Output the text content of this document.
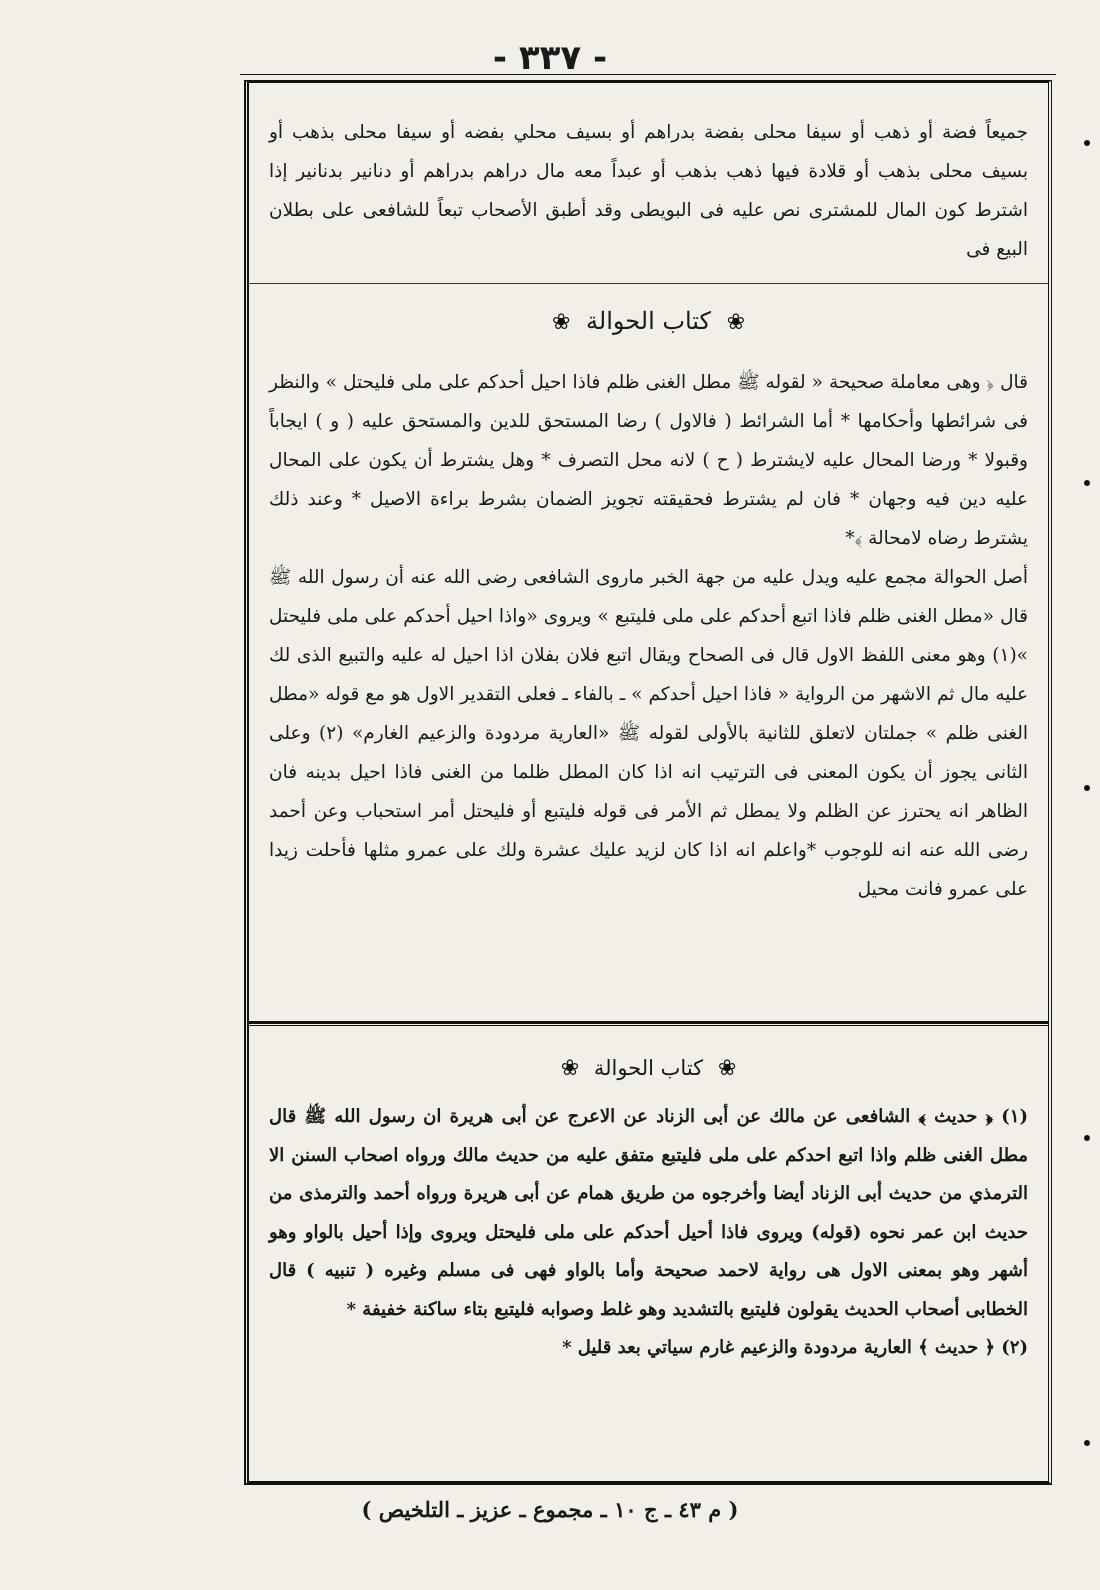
- ٣٣٧ -

جميعاً فضة أو ذهب أو سيفا محلى بفضة بدراهم أو بسيف محلي بفضه أو سيفا محلى بذهب أو بسيف محلى بذهب أو قلادة فيها ذهب بذهب أو عبداً معه مال دراهم بدراهم أو دنانير بدنانير إذا اشترط كون المال للمشترى نص عليه فى البويطى وقد أطبق الأصحاب تبعاً للشافعى على بطلان البيع فى

❀ كتاب الحوالة ❀

قال ﴿ وهى معاملة صحيحة « لقوله ﷺ مطل الغنى ظلم فاذا احيل أحدكم على ملى فليحتل » والنظر فى شرائطها وأحكامها * أما الشرائط ( فالاول ) رضا المستحق للدين والمستحق عليه ( و ) ايجاباً وقبولا * ورضا المحال عليه لايشترط ( ح ) لانه محل التصرف * وهل يشترط أن يكون على المحال عليه دين فيه وجهان * فان لم يشترط فحقيقته تجويز الضمان بشرط براءة الاصيل * وعند ذلك يشترط رضاه لامحالة ﴾*

أصل الحوالة مجمع عليه ويدل عليه من جهة الخبر ماروى الشافعى رضى الله عنه أن رسول الله ﷺ قال «مطل الغنى ظلم فاذا اتبع أحدكم على ملى فليتبع » ويروى «واذا احيل أحدكم على ملى فليحتل »(١) وهو معنى اللفظ الاول قال فى الصحاح ويقال اتبع فلان بفلان اذا احيل له عليه والتبيع الذى لك عليه مال ثم الاشهر من الرواية « فاذا احيل أحدكم » ـ بالفاء ـ فعلى التقدير الاول هو مع قوله «مطل الغنى ظلم » جملتان لاتعلق للثانية بالأولى لقوله ﷺ «العارية مردودة والزعيم الغارم» (٢) وعلى الثانى يجوز أن يكون المعنى فى الترتيب انه اذا كان المطل ظلما من الغنى فاذا احيل بدينه فان الظاهر انه يحترز عن الظلم ولا يمطل ثم الأمر فى قوله فليتبع أو فليحتل أمر استحباب وعن أحمد رضى الله عنه انه للوجوب *واعلم انه اذا كان لزيد عليك عشرة ولك على عمرو مثلها فأحلت زيدا على عمرو فانت محيل

❀ كتاب الحوالة ❀

(١) ﴿ حديث ﴾ الشافعى عن مالك عن أبى الزناد عن الاعرج عن أبى هريرة ان رسول الله ﷺ قال مطل الغنى ظلم واذا اتبع احدكم على ملى فليتبع متفق عليه من حديث مالك ورواه اصحاب السنن الا الترمذي من حديث أبى الزناد أيضا وأخرجوه من طريق همام عن أبى هريرة ورواه أحمد والترمذى من حديث ابن عمر نحوه (قوله) ويروى فاذا أحيل أحدكم على ملى فليحتل ويروى وإذا أحيل بالواو وهو أشهر وهو بمعنى الاول هى رواية لاحمد صحيحة وأما بالواو فهى فى مسلم وغيره ( تنبيه ) قال الخطابى أصحاب الحديث يقولون فليتبع بالتشديد وهو غلط وصوابه فليتبع بتاء ساكنة خفيفة *

(٢) ﴿ حديث ﴾ العارية مردودة والزعيم غارم سياتي بعد قليل *

( م ٤٣ ـ ج ١٠ ـ مجموع ـ عزيز ـ التلخيص )
